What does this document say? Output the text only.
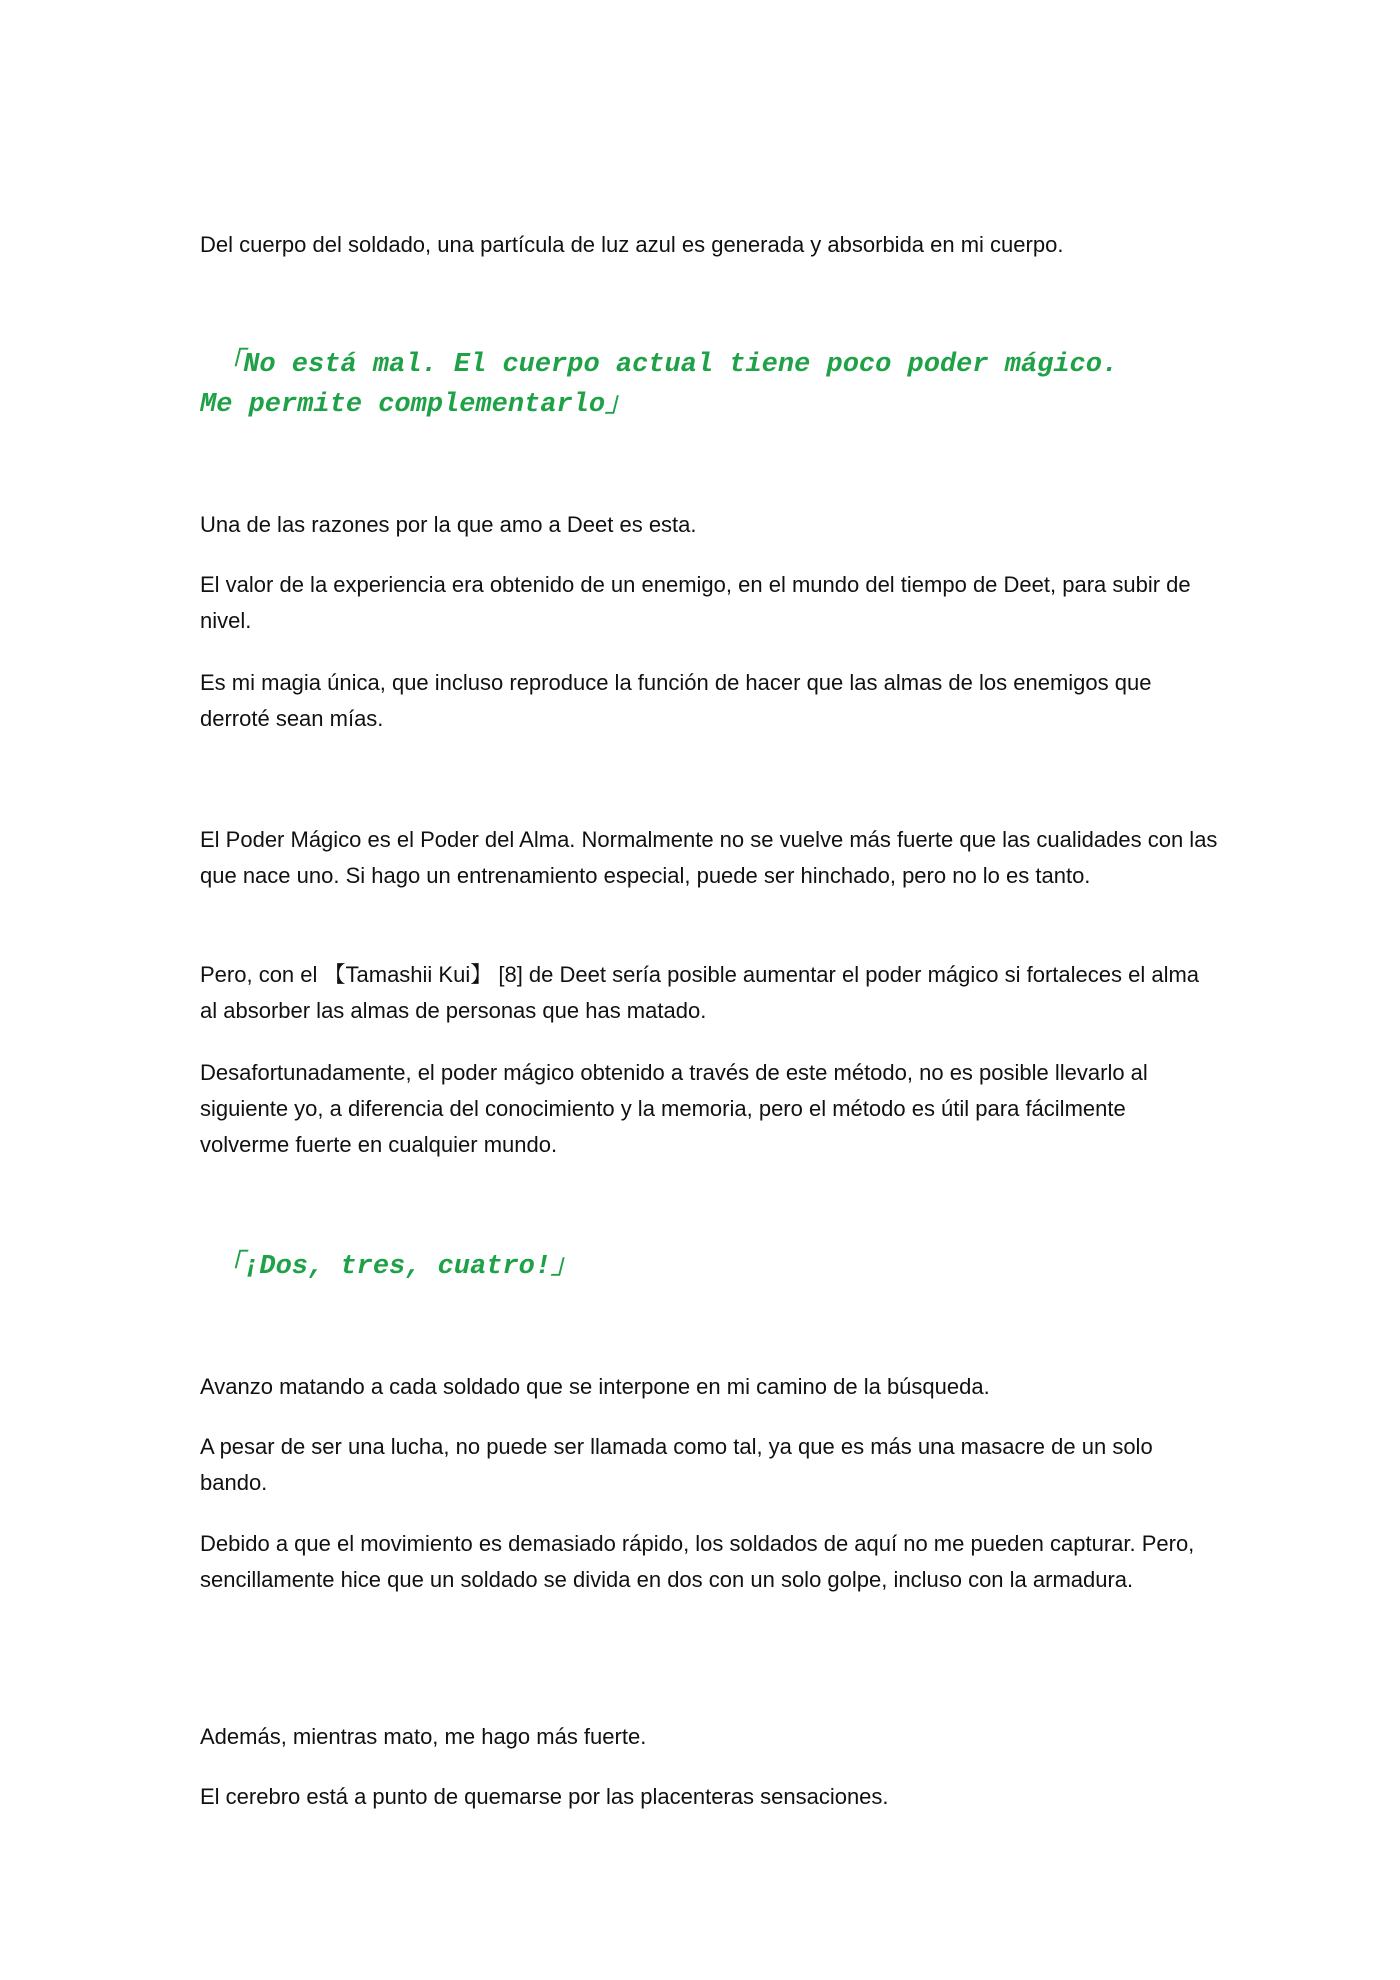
Del cuerpo del soldado, una partícula de luz azul es generada y absorbida en mi cuerpo.

「No está mal. El cuerpo actual tiene poco poder mágico.
Me permite complementarlo」

Una de las razones por la que amo a Deet es esta.

El valor de la experiencia era obtenido de un enemigo, en el mundo del tiempo de Deet, para subir de nivel.

Es mi magia única, que incluso reproduce la función de hacer que las almas de los enemigos que derroté sean mías.

El Poder Mágico es el Poder del Alma. Normalmente no se vuelve más fuerte que las cualidades con las que nace uno. Si hago un entrenamiento especial, puede ser hinchado, pero no lo es tanto.

Pero, con el 【Tamashii Kui】 [8] de Deet sería posible aumentar el poder mágico si fortaleces el alma al absorber las almas de personas que has matado.

Desafortunadamente, el poder mágico obtenido a través de este método, no es posible llevarlo al siguiente yo, a diferencia del conocimiento y la memoria, pero el método es útil para fácilmente volverme fuerte en cualquier mundo.

「¡Dos, tres, cuatro!」

Avanzo matando a cada soldado que se interpone en mi camino de la búsqueda.

A pesar de ser una lucha, no puede ser llamada como tal, ya que es más una masacre de un solo bando.

Debido a que el movimiento es demasiado rápido, los soldados de aquí no me pueden capturar. Pero, sencillamente hice que un soldado se divida en dos con un solo golpe, incluso con la armadura.

Además, mientras mato, me hago más fuerte.

El cerebro está a punto de quemarse por las placenteras sensaciones.
